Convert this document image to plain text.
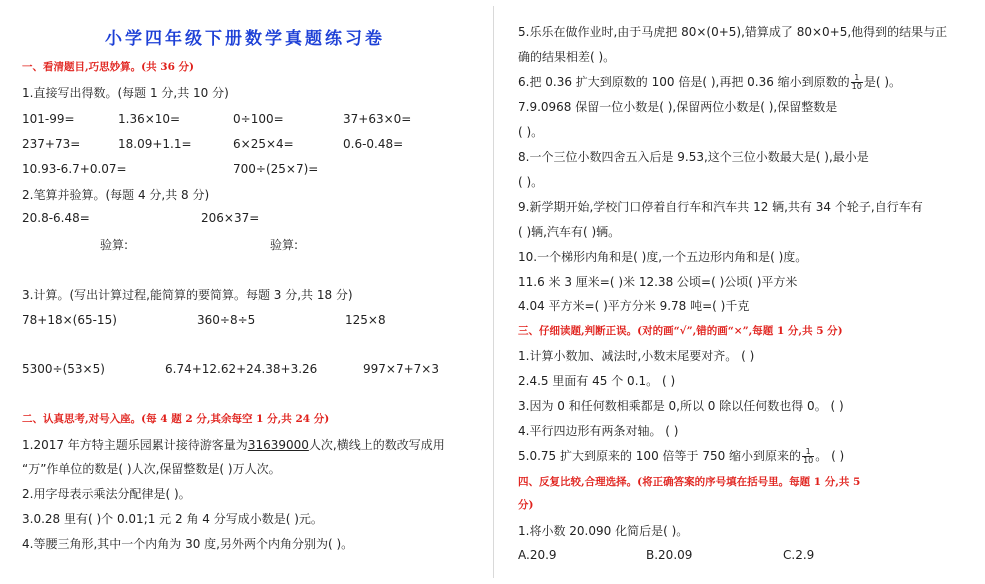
小学四年级下册数学真题练习卷
一、看清题目,巧思妙算。(共 36 分)
1.直接写出得数。(每题 1 分,共 10 分)
101-99=	1.36×10=	0÷100=	37+63×0=
237+73=	18.09+1.1=	6×25×4=	0.6-0.48=
10.93-6.7+0.07=	700÷(25×7)=
2.笔算并验算。(每题 4 分,共 8 分)
20.8-6.48=	206×37=
验算:	验算:
3.计算。(写出计算过程,能简算的要简算。每题 3 分,共 18 分)
78+18×(65-15)	360÷8÷5	125×8
5300÷(53×5)	6.74+12.62+24.38+3.26	997×7+7×3
二、认真思考,对号入座。(每 4 题 2 分,其余每空 1 分,共 24 分)
1.2017 年方特主题乐园累计接待游客量为31639000人次,横线上的数改写成用
“万”作单位的数是( )人次,保留整数是( )万人次。
2.用字母表示乘法分配律是( )。
3.0.28 里有( )个 0.01;1 元 2 角 4 分写成小数是( )元。
4.等腰三角形,其中一个内角为 30 度,另外两个内角分别为( )。
5.乐乐在做作业时,由于马虎把 80×(0+5),错算成了 80×0+5,他得到的结果与正
确的结果相差( )。
6.把 0.36 扩大到原数的 100 倍是( ),再把 0.36 缩小到原数的 $\frac{1}{10}$ 是( )。
7.9.0968 保留一位小数是( ),保留两位小数是( ),保留整数是
( )。
8.一个三位小数四舍五入后是 9.53,这个三位小数最大是( ),最小是
( )。
9.新学期开始,学校门口停着自行车和汽车共 12 辆,共有 34 个轮子,自行车有
( )辆,汽车有( )辆。
10.一个梯形内角和是( )度,一个五边形内角和是( )度。
11.6 米 3 厘米=( )米 12.38 公顷=( )公顷( )平方米
4.04 平方米=( )平方分米 9.78 吨=( )千克
三、仔细读题,判断正误。(对的画“√”,错的画“×”,每题 1 分,共 5 分)
1.计算小数加、减法时,小数末尾要对齐。 ( )
2.4.5 里面有 45 个 0.1。 ( )
3.因为 0 和任何数相乘都是 0,所以 0 除以任何数也得 0。 ( )
4.平行四边形有两条对轴。 ( )
5.0.75 扩大到原来的 100 倍等于 750 缩小到原来的 $\frac{1}{10}$ 。 ( )
四、反复比较,合理选择。(将正确答案的序号填在括号里。每题 1 分,共 5
分)
1.将小数 20.090 化简后是( )。
A.20.9	B.20.09	C.2.9
